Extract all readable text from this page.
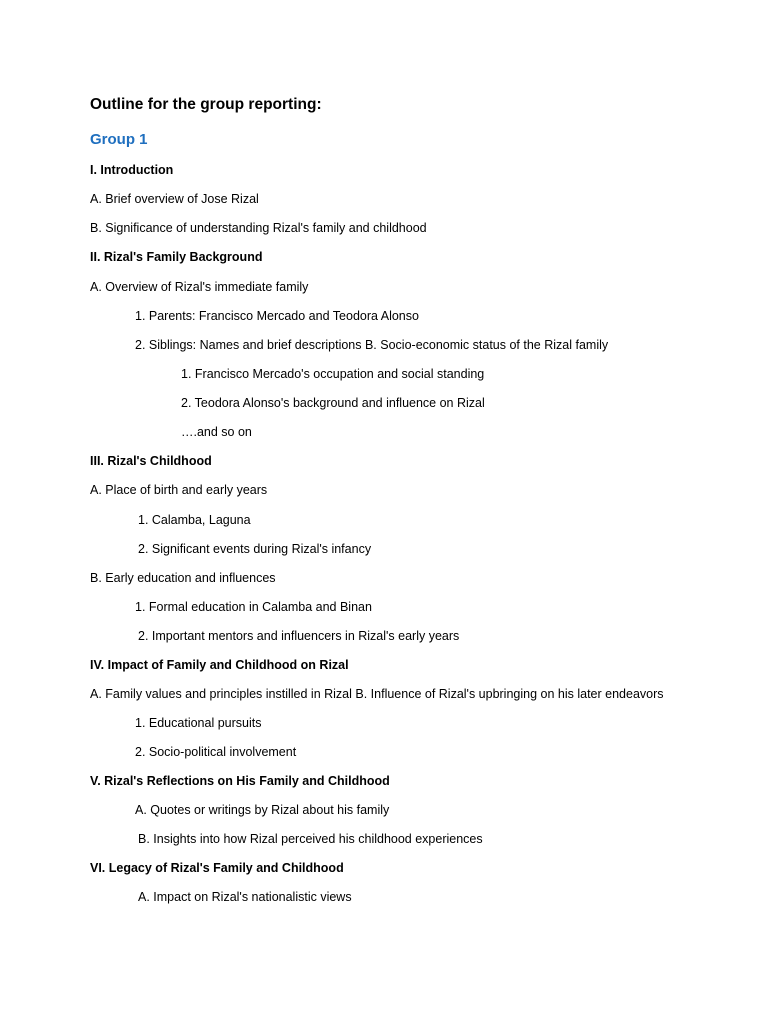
Outline for the group reporting:
Group 1
I. Introduction
A. Brief overview of Jose Rizal
B. Significance of understanding Rizal's family and childhood
II. Rizal's Family Background
A. Overview of Rizal's immediate family
1. Parents: Francisco Mercado and Teodora Alonso
2. Siblings: Names and brief descriptions B. Socio-economic status of the Rizal family
1. Francisco Mercado's occupation and social standing
2. Teodora Alonso's background and influence on Rizal
….and so on
III. Rizal's Childhood
A. Place of birth and early years
1. Calamba, Laguna
2. Significant events during Rizal's infancy
B. Early education and influences
1. Formal education in Calamba and Binan
2. Important mentors and influencers in Rizal's early years
IV. Impact of Family and Childhood on Rizal
A. Family values and principles instilled in Rizal B. Influence of Rizal's upbringing on his later endeavors
1. Educational pursuits
2. Socio-political involvement
V. Rizal's Reflections on His Family and Childhood
A. Quotes or writings by Rizal about his family
B. Insights into how Rizal perceived his childhood experiences
VI. Legacy of Rizal's Family and Childhood
A. Impact on Rizal's nationalistic views
